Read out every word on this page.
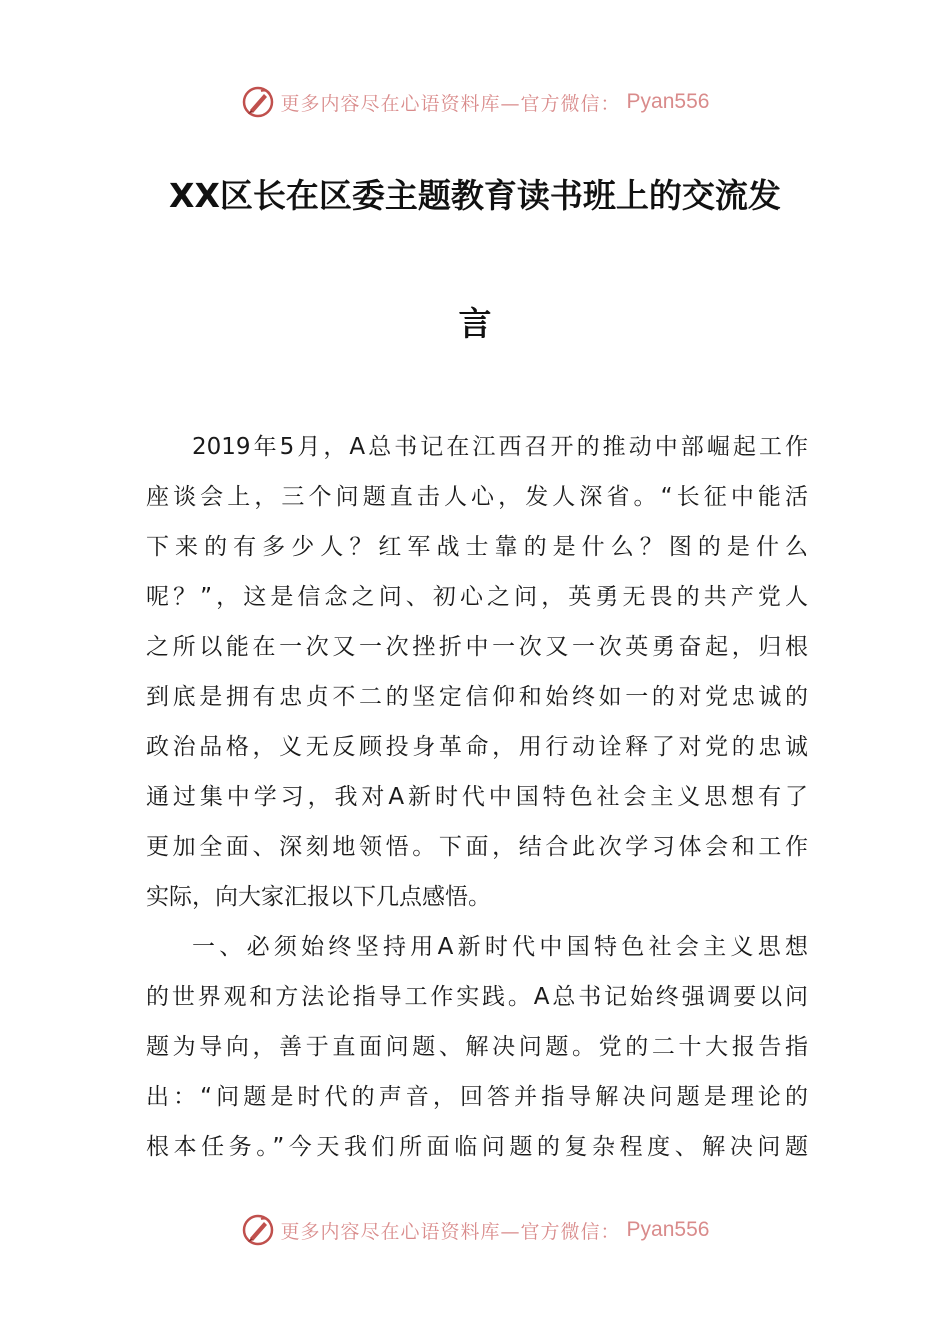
更多内容尽在心语资料库—官方微信： Pyan556
XX区长在区委主题教育读书班上的交流发
言
2019年5月，A总书记在江西召开的推动中部崛起工作
座谈会上，三个问题直击人心，发人深省。“长征中能活
下来的有多少人？红军战士靠的是什么？图的是什么
呢？”，这是信念之问、初心之问，英勇无畏的共产党人
之所以能在一次又一次挫折中一次又一次英勇奋起，归根
到底是拥有忠贞不二的坚定信仰和始终如一的对党忠诚的
政治品格，义无反顾投身革命，用行动诠释了对党的忠诚
通过集中学习，我对A新时代中国特色社会主义思想有了
更加全面、深刻地领悟。下面，结合此次学习体会和工作
实际，向大家汇报以下几点感悟。
一、必须始终坚持用A新时代中国特色社会主义思想
的世界观和方法论指导工作实践。A总书记始终强调要以问
题为导向，善于直面问题、解决问题。党的二十大报告指
出：“问题是时代的声音，回答并指导解决问题是理论的
根本任务。”今天我们所面临问题的复杂程度、解决问题
更多内容尽在心语资料库—官方微信： Pyan556
